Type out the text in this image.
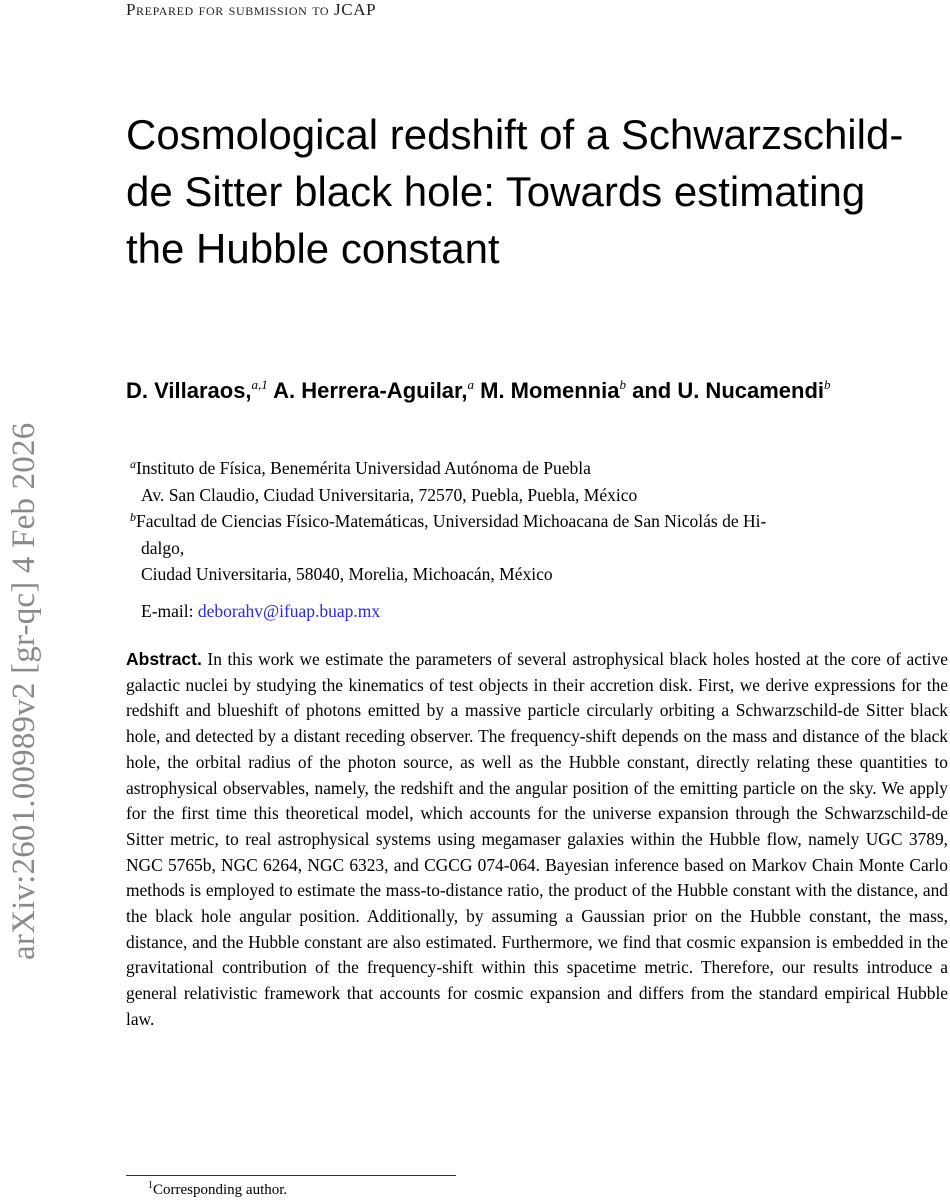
Prepared for submission to JCAP
arXiv:2601.00989v2 [gr-qc] 4 Feb 2026
Cosmological redshift of a Schwarzschild-de Sitter black hole: Towards estimating the Hubble constant
D. Villaraos,$^{a,1}$ A. Herrera-Aguilar,$^a$ M. Momennia$^b$ and U. Nucamendi$^b$
$^a$Instituto de Física, Benemérita Universidad Autónoma de Puebla
Av. San Claudio, Ciudad Universitaria, 72570, Puebla, Puebla, México
$^b$Facultad de Ciencias Físico-Matemáticas, Universidad Michoacana de San Nicolás de Hi-
dalgo,
Ciudad Universitaria, 58040, Morelia, Michoacán, México
E-mail: deborahv@ifuap.buap.mx

Abstract. In this work we estimate the parameters of several astrophysical black holes hosted at the core of active galactic nuclei by studying the kinematics of test objects in their accretion disk. First, we derive expressions for the redshift and blueshift of photons emitted by a massive particle circularly orbiting a Schwarzschild-de Sitter black hole, and detected by a distant receding observer. The frequency-shift depends on the mass and distance of the black hole, the orbital radius of the photon source, as well as the Hubble constant, directly relating these quantities to astrophysical observables, namely, the redshift and the angular position of the emitting particle on the sky. We apply for the first time this theoretical model, which accounts for the universe expansion through the Schwarzschild-de Sitter metric, to real astrophysical systems using megamaser galaxies within the Hubble flow, namely UGC 3789, NGC 5765b, NGC 6264, NGC 6323, and CGCG 074-064. Bayesian inference based on Markov Chain Monte Carlo methods is employed to estimate the mass-to-distance ratio, the product of the Hubble constant with the distance, and the black hole angular position. Additionally, by assuming a Gaussian prior on the Hubble constant, the mass, distance, and the Hubble constant are also estimated. Furthermore, we find that cosmic expansion is embedded in the gravitational contribution of the frequency-shift within this spacetime metric. Therefore, our results introduce a general relativistic framework that accounts for cosmic expansion and differs from the standard empirical Hubble law.

$^1$Corresponding author.
